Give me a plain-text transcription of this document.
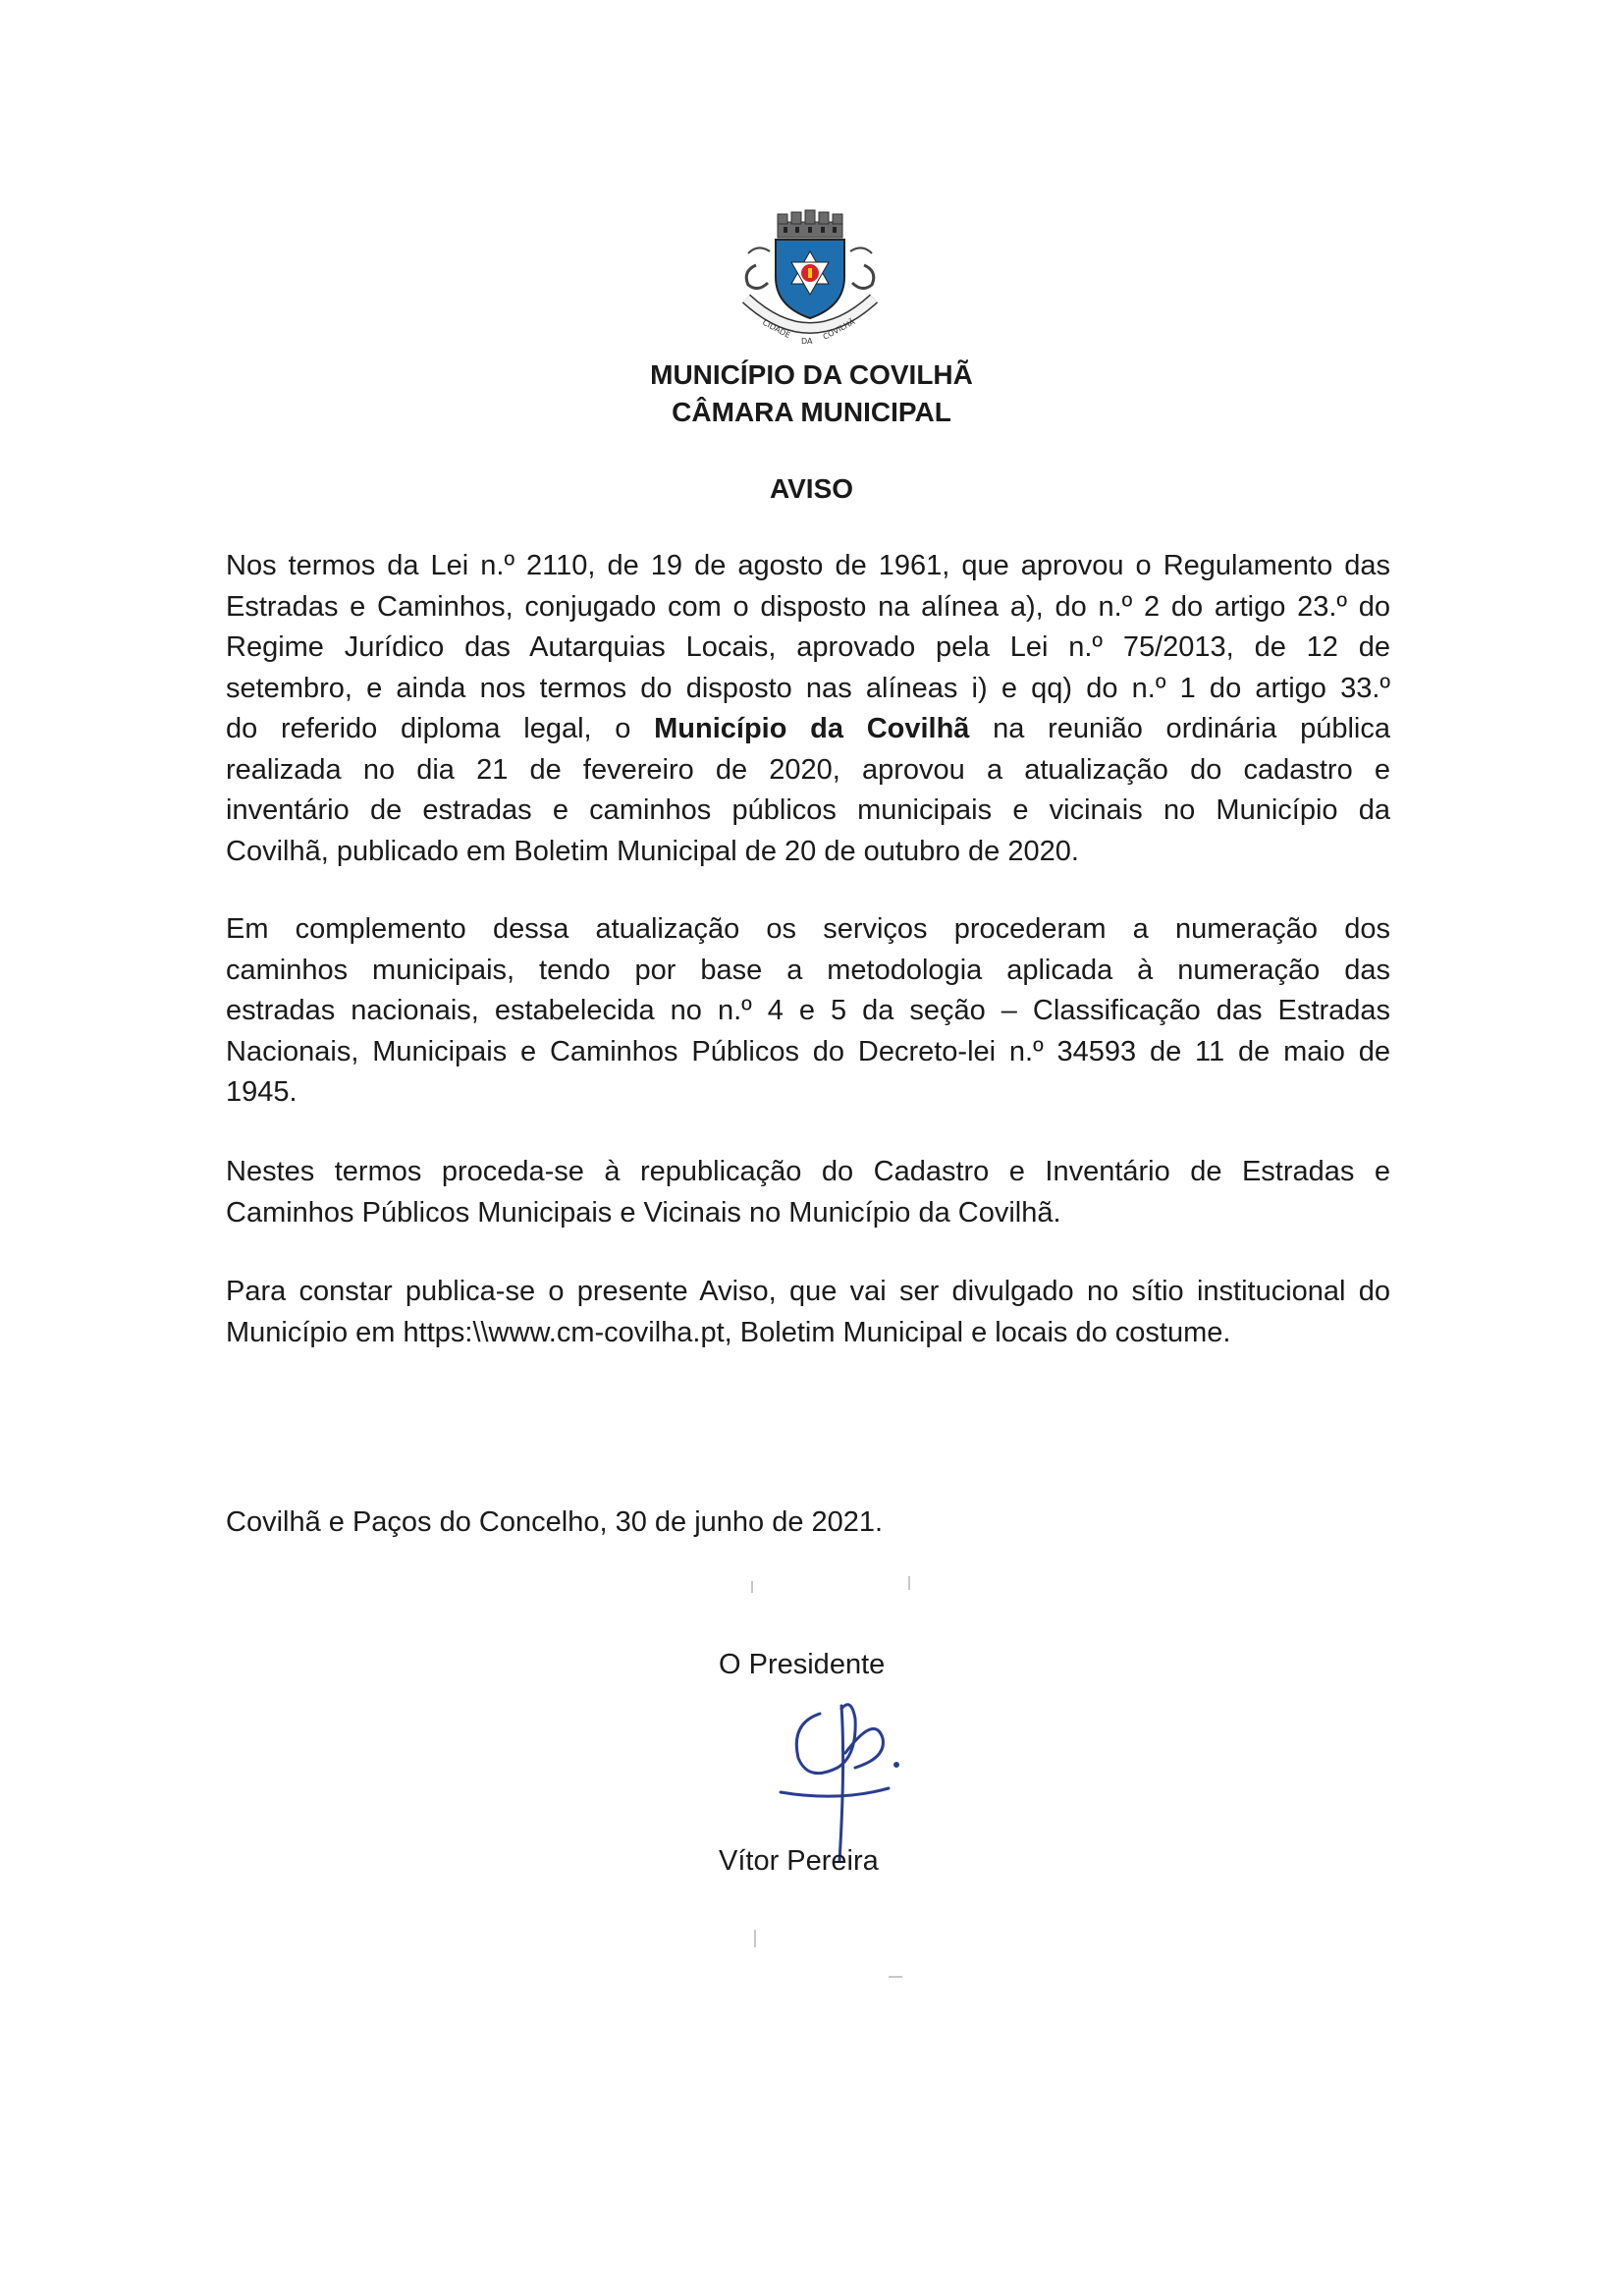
CIDADE
DA COVILHÃ
MUNICÍPIO DA COVILHÃ
CÂMARA MUNICIPAL
AVISO
Nos termos da Lei n.º 2110, de 19 de agosto de 1961, que aprovou o Regulamento das
Estradas e Caminhos, conjugado com o disposto na alínea a), do n.º 2 do artigo 23.º do
Regime Jurídico das Autarquias Locais, aprovado pela Lei n.º 75/2013, de 12 de
setembro, e ainda nos termos do disposto nas alíneas i) e qq) do n.º 1 do artigo 33.º
do referido diploma legal, o Município da Covilhã na reunião ordinária pública
realizada no dia 21 de fevereiro de 2020, aprovou a atualização do cadastro e
inventário de estradas e caminhos públicos municipais e vicinais no Município da
Covilhã, publicado em Boletim Municipal de 20 de outubro de 2020.
Em complemento dessa atualização os serviços procederam a numeração dos
caminhos municipais, tendo por base a metodologia aplicada à numeração das
estradas nacionais, estabelecida no n.º 4 e 5 da seção – Classificação das Estradas
Nacionais, Municipais e Caminhos Públicos do Decreto-lei n.º 34593 de 11 de maio de
1945.
Nestes termos proceda-se à republicação do Cadastro e Inventário de Estradas e
Caminhos Públicos Municipais e Vicinais no Município da Covilhã.
Para constar publica-se o presente Aviso, que vai ser divulgado no sítio institucional do
Município em https:\\www.cm-covilha.pt, Boletim Municipal e locais do costume.
Covilhã e Paços do Concelho, 30 de junho de 2021.
O Presidente
Vítor Pereira
